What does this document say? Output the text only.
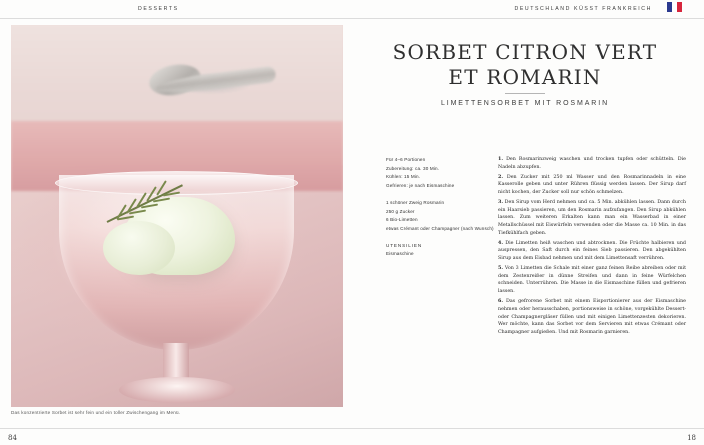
DESSERTS	DEUTSCHLAND KÜSST FRANKREICH
Das konzentrierte Sorbet ist sehr fein und ein toller Zwischengang im Menü.
SORBET CITRON VERT
ET ROMARIN
LIMETTENSORBET MIT ROSMARIN
Für 4–6 Portionen
Zubereitung: ca. 30 Min.
Kühlen: 15 Min.
Gefrieren: je nach Eismaschine
1 schöner Zweig Rosmarin
250 g Zucker
6 Bio-Limetten
etwas Crémant oder Champagner (nach Wunsch)
UTENSILIEN
Eismaschine

1. Den Rosmarinzweig waschen und trocken tupfen oder schütteln. Die Nadeln abzupfen.

2. Den Zucker mit 250 ml Wasser und den Rosmarinnadeln in eine Kasserolle geben und unter Rühren flüssig werden lassen. Der Sirup darf nicht kochen, der Zucker soll nur schön schmelzen.

3. Den Sirup vom Herd nehmen und ca. 5 Min. abkühlen lassen. Dann durch ein Haarsieb passieren, um den Rosmarin aufzufangen. Den Sirup abkühlen lassen. Zum weiteren Erkalten kann man ein Wasserbad in einer Metallschüssel mit Eiswürfeln verwenden oder die Masse ca. 10 Min. in das Tiefkühlfach geben.

4. Die Limetten heiß waschen und abtrocknen. Die Früchte halbieren und auspressen, den Saft durch ein feines Sieb passieren. Den abgekühlten Sirup aus dem Eisbad nehmen und mit dem Limettensaft verrühren.

5. Von 3 Limetten die Schale mit einer ganz feinen Reibe abreiben oder mit dem Zestenreißer in dünne Streifen und dann in feine Würfelchen schneiden. Unterrühren. Die Masse in die Eismaschine füllen und gefrieren lassen.

6. Das gefrorene Sorbet mit einem Eisportionierer aus der Eismaschine nehmen oder herausschaben, portionsweise in schöne, vorgekühlte Dessert- oder Champagnergläser füllen und mit einigen Limettenzesten dekorieren. Wer möchte, kann das Sorbet vor dem Servieren mit etwas Crémant oder Champagner aufgießen. Und mit Rosmarin garnieren.

84	18
